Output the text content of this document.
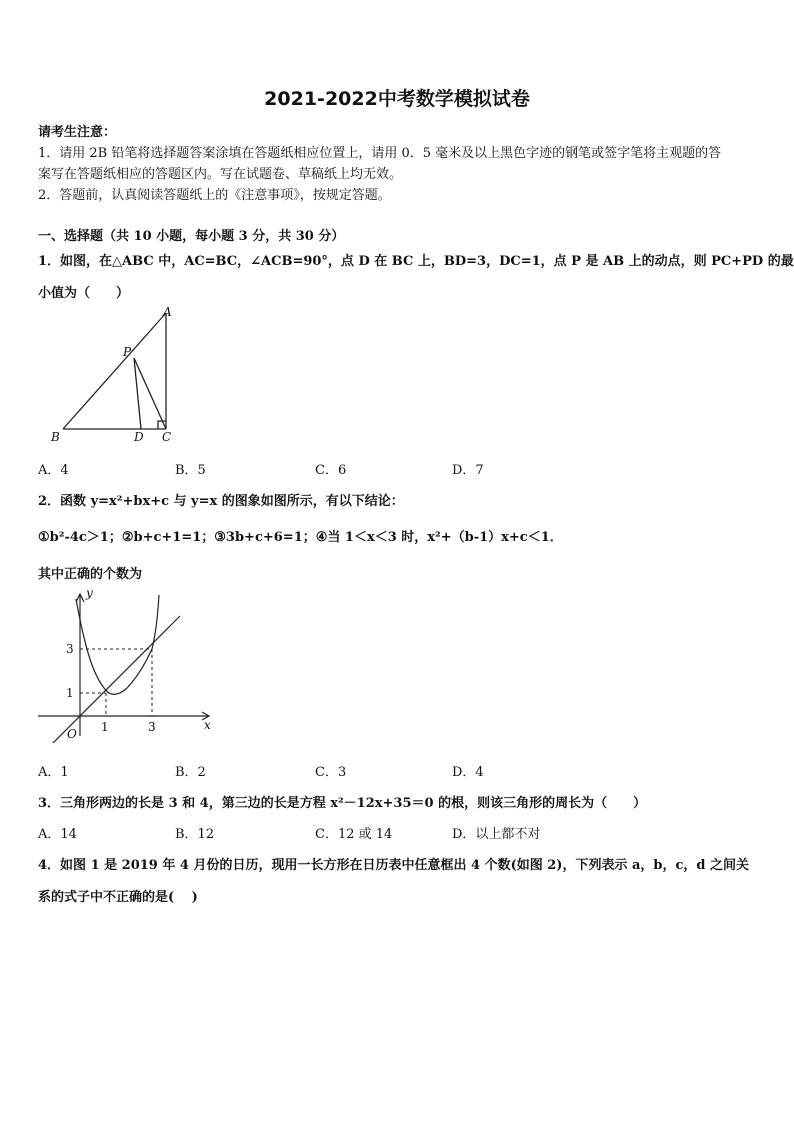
2021-2022中考数学模拟试卷
请考生注意：
1．请用 2B 铅笔将选择题答案涂填在答题纸相应位置上，请用 0．5 毫米及以上黑色字迹的钢笔或签字笔将主观题的答
案写在答题纸相应的答题区内。写在试题卷、草稿纸上均无效。
2．答题前，认真阅读答题纸上的《注意事项》，按规定答题。
一、选择题（共 10 小题，每小题 3 分，共 30 分）
1．如图，在△ABC 中，AC=BC，∠ACB=90°，点 D 在 BC 上，BD=3，DC=1，点 P 是 AB 上的动点，则 PC+PD 的最
小值为（　　）
A
B	C
D
P
A．4	B．5	C．6	D．7
2．函数 y=x²+bx+c 与 y=x 的图象如图所示，有以下结论：
①b²-4c＞1；②b+c+1=1；③3b+c+6=1；④当 1＜x＜3 时，x²+（b-1）x+c＜1．
其中正确的个数为
y
x
O
3
1
1	3
A．1	B．2	C．3	D．4
3．三角形两边的长是 3 和 4，第三边的长是方程 x²－12x+35＝0 的根，则该三角形的周长为（　　）
A．14	B．12	C．12 或 14	D．以上都不对
4．如图 1 是 2019 年 4 月份的日历，现用一长方形在日历表中任意框出 4 个数(如图 2)，下列表示 a，b，c，d 之间关
系的式子中不正确的是(　 )
